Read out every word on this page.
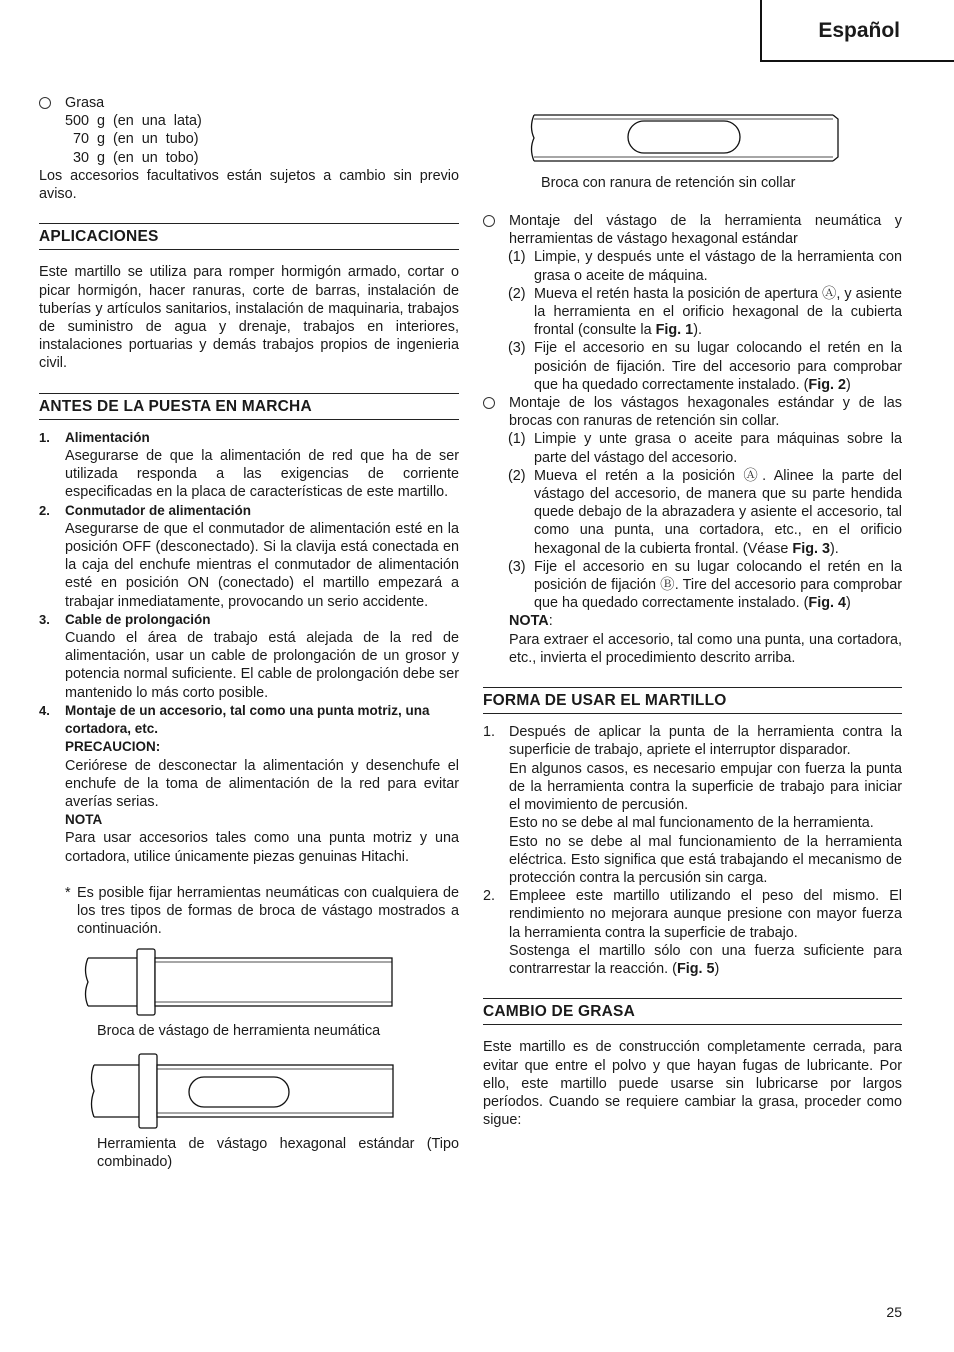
Español
Grasa
500  g  (en  una  lata)
70  g  (en  un  tubo)
30  g  (en  un  tobo)

Los accesorios facultativos están sujetos a cambio sin previo aviso.

APLICACIONES

Este martillo se utiliza para romper hormigón armado, cortar o picar hormigón, hacer ranuras, corte de barras, instalación de tuberías y artículos sanitarios, instalación de maquinaria, trabajos de suministro de agua y drenaje, trabajos en interiores, instalaciones portuarias y demás trabajos propios de ingenieria civil.

ANTES DE LA PUESTA EN MARCHA
1. Alimentación

Asegurarse de que la alimentación de red que ha de ser utilizada responda a las exigencias de corriente especificadas en la placa de características de este martillo.

2. Conmutador de alimentación

Asegurarse de que el conmutador de alimentación esté en la posición OFF (desconectado). Si la clavija está conectada en la caja del enchufe mientras el conmutador de alimentación esté en posición ON (conectado) el martillo empezará a trabajar inmediatamente, provocando un serio accidente.

3. Cable de prolongación

Cuando el área de trabajo está alejada de la red de alimentación, usar un cable de prolongación de un grosor y potencia normal suficiente. El cable de prolongación debe ser mantenido lo más corto posible.

4. Montaje de un accesorio, tal como una punta motriz, una cortadora, etc.
PRECAUCION:

Ceriórese de desconectar la alimentación y desenchufe el enchufe de la toma de alimentación de la red para evitar averías serias.

NOTA

Para usar accesorios tales como una punta motriz y una cortadora, utilice únicamente piezas genuinas Hitachi.

* Es posible fijar herramientas neumáticas con cualquiera de los tres tipos de formas de broca de vástago mostrados a continuación.

Broca de vástago de herramienta neumática

Herramienta de vástago hexagonal estándar (Tipo combinado)

Broca con ranura de retención sin collar

Montaje del vástago de la herramienta neumática y herramientas de vástago hexagonal estándar

(1) Limpie, y después unte el vástago de la herramienta con grasa o aceite de máquina.

(2) Mueva el retén hasta la posición de apertura Ⓐ, y asiente la herramienta en el orificio hexagonal de la cubierta frontal (consulte la Fig. 1).

(3) Fije el accesorio en su lugar colocando el retén en la posición de fijación. Tire del accesorio para comprobar que ha quedado correctamente instalado. (Fig. 2)

Montaje de los vástagos hexagonales estándar y de las brocas con ranuras de retención sin collar.

(1) Limpie y unte grasa o aceite para máquinas sobre la parte del vástago del accesorio.

(2) Mueva el retén a la posición Ⓐ. Alinee la parte del vástago del accesorio, de manera que su parte hendida quede debajo de la abrazadera y asiente el accesorio, tal como una punta, una cortadora, etc., en el orificio hexagonal de la cubierta frontal. (Véase Fig. 3).

(3) Fije el accesorio en su lugar colocando el retén en la posición de fijación Ⓑ. Tire del accesorio para comprobar que ha quedado correctamente instalado. (Fig. 4)

NOTA:

Para extraer el accesorio, tal como una punta, una cortadora, etc., invierta el procedimiento descrito arriba.

FORMA DE USAR EL MARTILLO
1. Después de aplicar la punta de la herramienta contra la superficie de trabajo, apriete el interruptor disparador.

En algunos casos, es necesario empujar con fuerza la punta de la herramienta contra la superficie de trabajo para iniciar el movimiento de percusión.

Esto no se debe al mal funcionamento de la herramienta.

Esto no se debe al mal funcionamiento de la herramienta eléctrica. Esto significa que está trabajando el mecanismo de protección contra la percusión sin carga.

2. Empleee este martillo utilizando el peso del mismo. El rendimiento no mejorara aunque presione con mayor fuerza la herramienta contra la superficie de trabajo.

Sostenga el martillo sólo con una fuerza suficiente para contrarrestar la reacción. (Fig. 5)

CAMBIO DE GRASA

Este martillo es de construcción completamente cerrada, para evitar que entre el polvo y que hayan fugas de lubricante. Por ello, este martillo puede usarse sin lubricarse por largos períodos. Cuando se requiere cambiar la grasa, proceder como sigue:

25
